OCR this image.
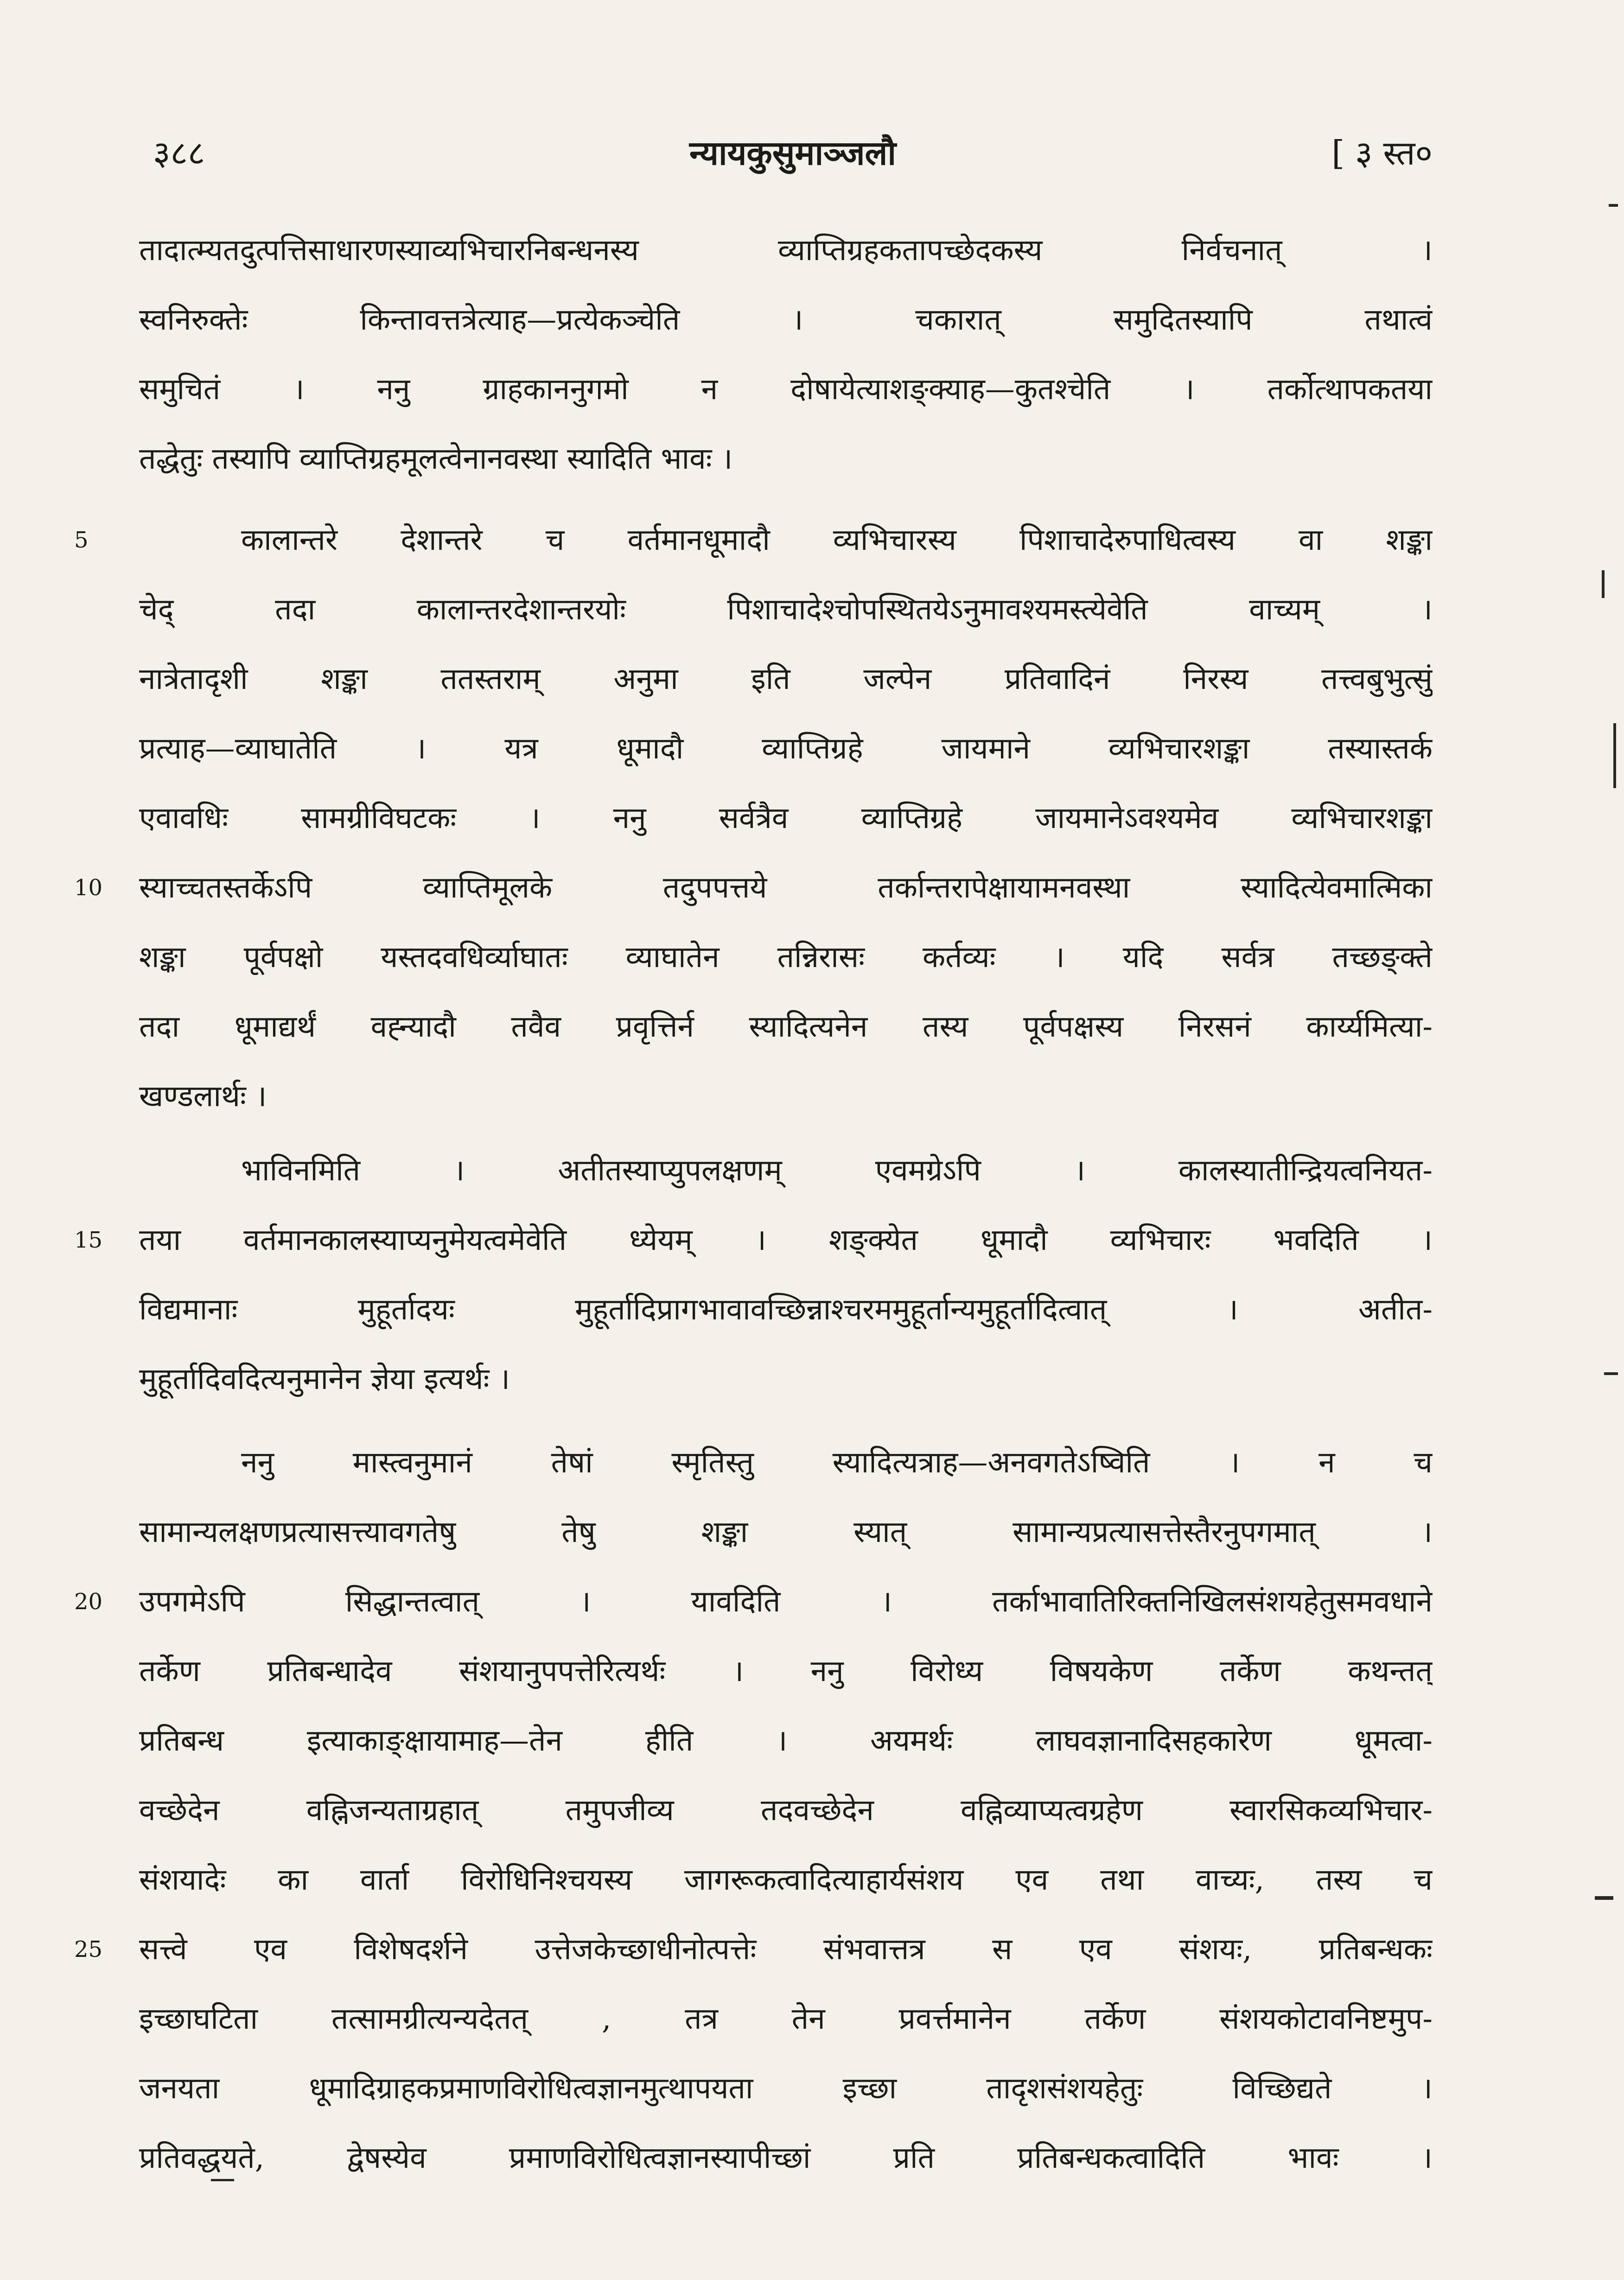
३८८	न्यायकुसुमाञ्जलौ	[ ३ स्त०
तादात्म्यतदुत्पत्तिसाधारणस्याव्यभिचारनिबन्धनस्य व्याप्तिग्रहकतापच्छेदकस्य निर्वचनात् ।
स्वनिरुक्तेः किन्तावत्तत्रेत्याह—प्रत्येकञ्चेति । चकारात् समुदितस्यापि तथात्वं
समुचितं । ननु ग्राहकाननुगमो न दोषायेत्याशङ्क्याह—कुतश्चेति । तर्कोत्थापकतया
तद्धेतुः तस्यापि व्याप्तिग्रहमूलत्वेनानवस्था स्यादिति भावः ।
कालान्तरे देशान्तरे च वर्तमानधूमादौ व्यभिचारस्य पिशाचादेरुपाधित्वस्य वा शङ्का
चेद् तदा कालान्तरदेशान्तरयोः पिशाचादेश्चोपस्थितयेऽनुमावश्यमस्त्येवेति वाच्यम् ।
नात्रेतादृशी शङ्का ततस्तराम् अनुमा इति जल्पेन प्रतिवादिनं निरस्य तत्त्वबुभुत्सुं
प्रत्याह—व्याघातेति । यत्र धूमादौ व्याप्तिग्रहे जायमाने व्यभिचारशङ्का तस्यास्तर्क
एवावधिः सामग्रीविघटकः । ननु सर्वत्रैव व्याप्तिग्रहे जायमानेऽवश्यमेव व्यभिचारशङ्का
स्याच्चतस्तर्केऽपि व्याप्तिमूलके तदुपपत्तये तर्कान्तरापेक्षायामनवस्था स्यादित्येवमात्मिका
शङ्का पूर्वपक्षो यस्तदवधिर्व्याघातः व्याघातेन तन्निरासः कर्तव्यः । यदि सर्वत्र तच्छङ्क्ते
तदा धूमाद्यर्थं वह्न्यादौ तवैव प्रवृत्तिर्न स्यादित्यनेन तस्य पूर्वपक्षस्य निरसनं कार्य्यमित्या-
खण्डलार्थः ।
भाविनमिति । अतीतस्याप्युपलक्षणम् एवमग्रेऽपि । कालस्यातीन्द्रियत्वनियत-
तया वर्तमानकालस्याप्यनुमेयत्वमेवेति ध्येयम् । शङ्क्येत धूमादौ व्यभिचारः भवदिति ।
विद्यमानाः मुहूर्तादयः मुहूर्तादिप्रागभावावच्छिन्नाश्चरममुहूर्तान्यमुहूर्तादित्वात् । अतीत-
मुहूर्तादिवदित्यनुमानेन ज्ञेया इत्यर्थः ।
ननु मास्त्वनुमानं तेषां स्मृतिस्तु स्यादित्यत्राह—अनवगतेऽष्विति । न च
सामान्यलक्षणप्रत्यासत्त्यावगतेषु तेषु शङ्का स्यात् सामान्यप्रत्यासत्तेस्तैरनुपगमात् ।
उपगमेऽपि सिद्धान्तत्वात् । यावदिति । तर्काभावातिरिक्तनिखिलसंशयहेतुसमवधाने
तर्केण प्रतिबन्धादेव संशयानुपपत्तेरित्यर्थः । ननु विरोध्य विषयकेण तर्केण कथन्तत्
प्रतिबन्ध इत्याकाङ्क्षायामाह—तेन हीति । अयमर्थः लाघवज्ञानादिसहकारेण धूमत्वा-
वच्छेदेन वह्निजन्यताग्रहात् तमुपजीव्य तदवच्छेदेन वह्निव्याप्यत्वग्रहेण स्वारसिकव्यभिचार-
संशयादेः का वार्ता विरोधिनिश्चयस्य जागरूकत्वादित्याहार्यसंशय एव तथा वाच्यः, तस्य च
सत्त्वे एव विशेषदर्शने उत्तेजकेच्छाधीनोत्पत्तेः संभवात्तत्र स एव संशयः, प्रतिबन्धकः
इच्छाघटिता तत्सामग्रीत्यन्यदेतत् , तत्र तेन प्रवर्त्तमानेन तर्केण संशयकोटावनिष्टमुप-
जनयता धूमादिग्राहकप्रमाणविरोधित्वज्ञानमुत्थापयता इच्छा तादृशसंशयहेतुः विच्छिद्यते ।
प्रतिवद्धयते, द्वेषस्येव प्रमाणविरोधित्वज्ञानस्यापीच्छां प्रति प्रतिबन्धकत्वादिति भावः ।
5
10
15
20
25
